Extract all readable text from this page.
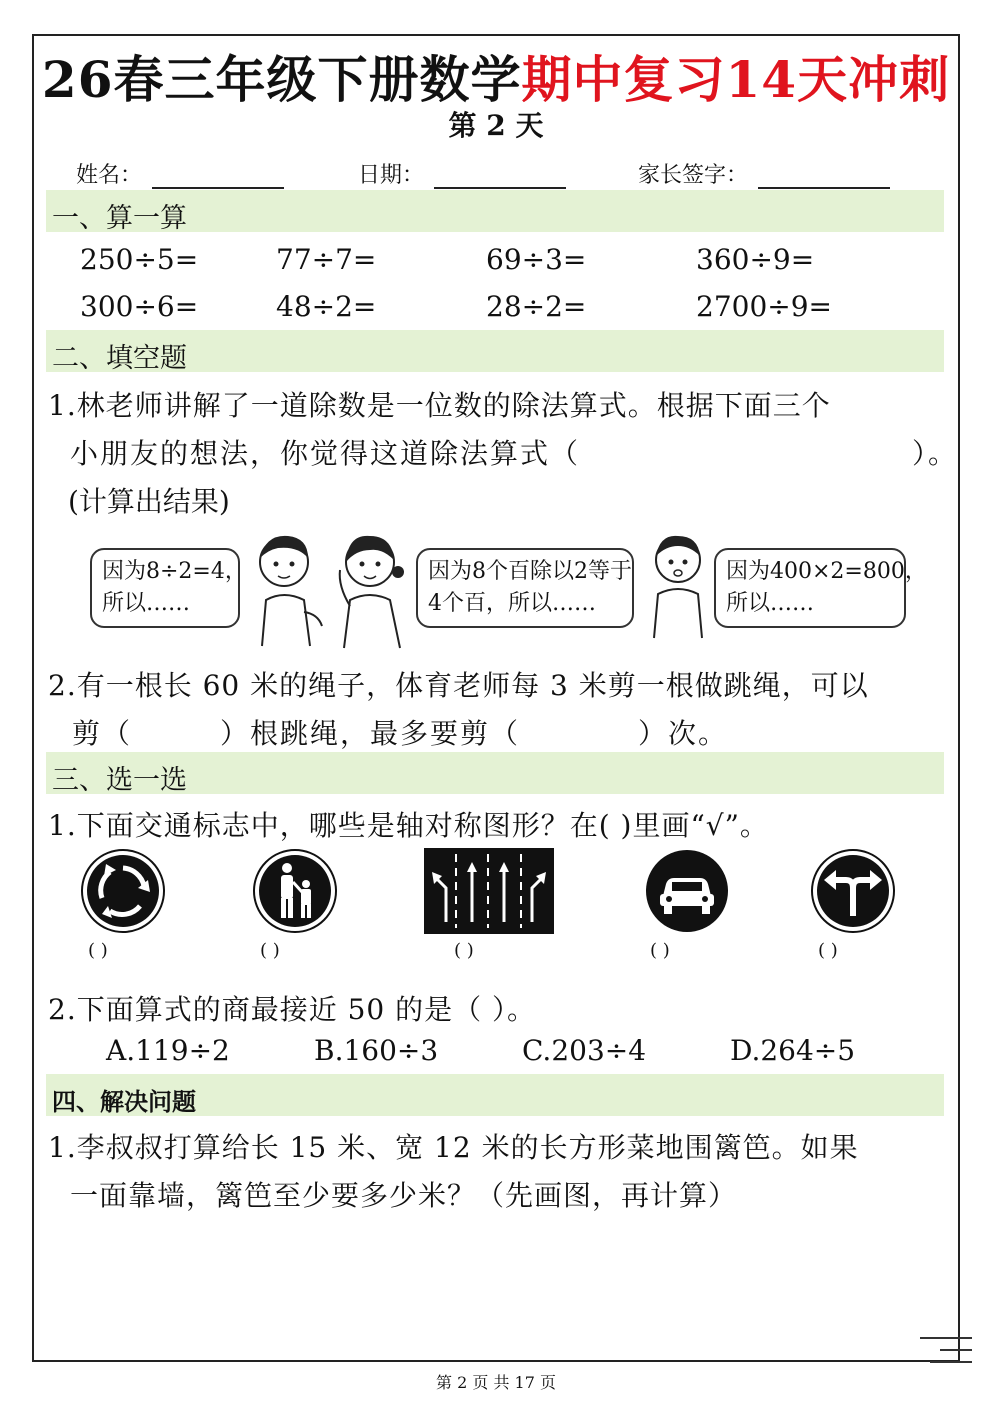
26春三年级下册数学期中复习14天冲刺
第 2 天
姓名：	日期：	家长签字：
一、算一算
250÷5=	77÷7=	69÷3=	360÷9=
300÷6=	48÷2=	28÷2=	2700÷9=
二、填空题
1.林老师讲解了一道除数是一位数的除法算式。根据下面三个
小朋友的想法，你觉得这道除法算式（	）。
(计算出结果)
因为8÷2=4，
所以……
因为8个百除以2等于
4个百，所以……
因为400×2=800，
所以……
2.有一根长 60 米的绳子，体育老师每 3 米剪一根做跳绳，可以
剪（	）根跳绳，最多要剪（	）次。
三、选一选
1.下面交通标志中，哪些是轴对称图形？在( )里画“√”。
( )	( )	( )	( )	( )
2.下面算式的商最接近 50 的是（ ）。
A.119÷2	B.160÷3	C.203÷4	D.264÷5
四、解决问题
1.李叔叔打算给长 15 米、宽 12 米的长方形菜地围篱笆。如果
一面靠墙，篱笆至少要多少米？（先画图，再计算）
第 2 页 共 17 页
